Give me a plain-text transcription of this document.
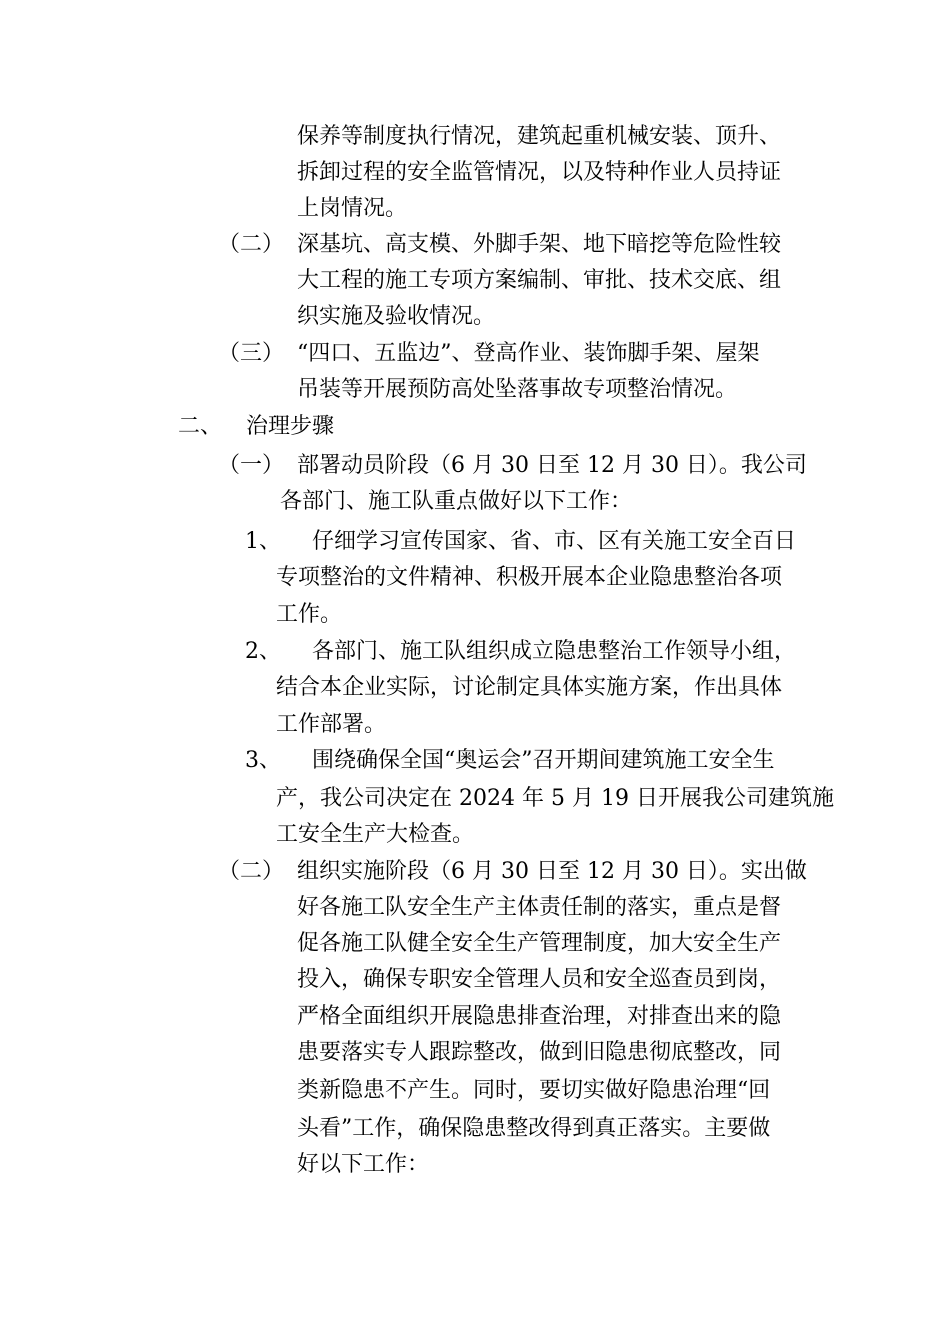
保养等制度执行情况，建筑起重机械安装、顶升、
拆卸过程的安全监管情况，以及特种作业人员持证
上岗情况。
（二） 深基坑、高支模、外脚手架、地下暗挖等危险性较
大工程的施工专项方案编制、审批、技术交底、组
织实施及验收情况。
（三） “四口、五监边”、登高作业、装饰脚手架、屋架
吊装等开展预防高处坠落事故专项整治情况。
二、 治理步骤
（一） 部署动员阶段（6 月 30 日至 12 月 30 日）。我公司
各部门、施工队重点做好以下工作：
1、 仔细学习宣传国家、省、市、区有关施工安全百日
专项整治的文件精神、积极开展本企业隐患整治各项
工作。
2、 各部门、施工队组织成立隐患整治工作领导小组，
结合本企业实际，讨论制定具体实施方案，作出具体
工作部署。
3、 围绕确保全国“奥运会”召开期间建筑施工安全生
产，我公司决定在 2024 年 5 月 19 日开展我公司建筑施
工安全生产大检查。
（二） 组织实施阶段（6 月 30 日至 12 月 30 日）。实出做
好各施工队安全生产主体责任制的落实，重点是督
促各施工队健全安全生产管理制度，加大安全生产
投入，确保专职安全管理人员和安全巡查员到岗，
严格全面组织开展隐患排查治理，对排查出来的隐
患要落实专人跟踪整改，做到旧隐患彻底整改，同
类新隐患不产生。同时，要切实做好隐患治理“回
头看”工作，确保隐患整改得到真正落实。主要做
好以下工作：
